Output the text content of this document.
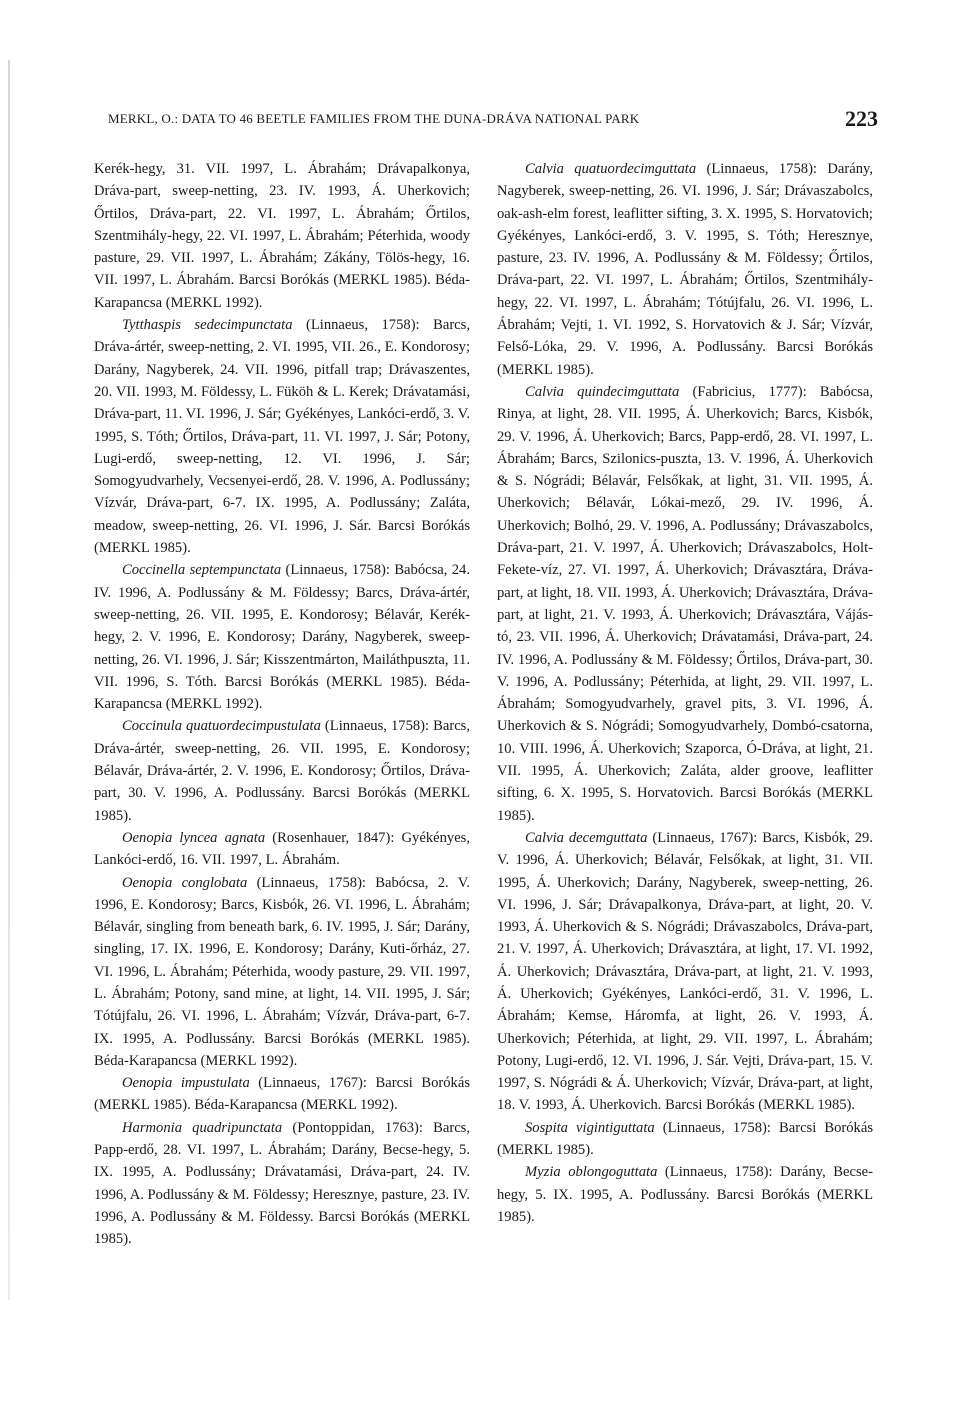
MERKL, O.: DATA TO 46 BEETLE FAMILIES FROM THE DUNA-DRÁVA NATIONAL PARK	223

Kerék-hegy, 31. VII. 1997, L. Ábrahám; Drávapalkonya, Dráva-part, sweep-netting, 23. IV. 1993, Á. Uherkovich; Őrtilos, Dráva-part, 22. VI. 1997, L. Ábrahám; Őrtilos, Szentmihály-hegy, 22. VI. 1997, L. Ábrahám; Péterhida, woody pasture, 29. VII. 1997, L. Ábrahám; Zákány, Tölös-hegy, 16. VII. 1997, L. Ábrahám. Barcsi Borókás (MERKL 1985). Béda-Karapancsa (MERKL 1992).

Tytthaspis sedecimpunctata (Linnaeus, 1758): Barcs, Dráva-ártér, sweep-netting, 2. VI. 1995, VII. 26., E. Kondorosy; Darány, Nagyberek, 24. VII. 1996, pitfall trap; Drávaszentes, 20. VII. 1993, M. Földessy, L. Füköh & L. Kerek; Drávatamási, Dráva-part, 11. VI. 1996, J. Sár; Gyékényes, Lankóci-erdő, 3. V. 1995, S. Tóth; Őrtilos, Dráva-part, 11. VI. 1997, J. Sár; Potony, Lugi-erdő, sweep-netting, 12. VI. 1996, J. Sár; Somogyudvarhely, Vecsenyei-erdő, 28. V. 1996, A. Podlussány; Vízvár, Dráva-part, 6-7. IX. 1995, A. Podlussány; Zaláta, meadow, sweep-netting, 26. VI. 1996, J. Sár. Barcsi Borókás (MERKL 1985).

Coccinella septempunctata (Linnaeus, 1758): Babócsa, 24. IV. 1996, A. Podlussány & M. Földessy; Barcs, Dráva-ártér, sweep-netting, 26. VII. 1995, E. Kondorosy; Bélavár, Kerék-hegy, 2. V. 1996, E. Kondorosy; Darány, Nagyberek, sweep-netting, 26. VI. 1996, J. Sár; Kisszentmárton, Mailáthpuszta, 11. VII. 1996, S. Tóth. Barcsi Borókás (MERKL 1985). Béda-Karapancsa (MERKL 1992).

Coccinula quatuordecimpustulata (Linnaeus, 1758): Barcs, Dráva-ártér, sweep-netting, 26. VII. 1995, E. Kondorosy; Bélavár, Dráva-ártér, 2. V. 1996, E. Kondorosy; Őrtilos, Dráva-part, 30. V. 1996, A. Podlussány. Barcsi Borókás (MERKL 1985).

Oenopia lyncea agnata (Rosenhauer, 1847): Gyékényes, Lankóci-erdő, 16. VII. 1997, L. Ábrahám.

Oenopia conglobata (Linnaeus, 1758): Babócsa, 2. V. 1996, E. Kondorosy; Barcs, Kisbók, 26. VI. 1996, L. Ábrahám; Bélavár, singling from beneath bark, 6. IV. 1995, J. Sár; Darány, singling, 17. IX. 1996, E. Kondorosy; Darány, Kuti-őrház, 27. VI. 1996, L. Ábrahám; Péterhida, woody pasture, 29. VII. 1997, L. Ábrahám; Potony, sand mine, at light, 14. VII. 1995, J. Sár; Tótújfalu, 26. VI. 1996, L. Ábrahám; Vízvár, Dráva-part, 6-7. IX. 1995, A. Podlussány. Barcsi Borókás (MERKL 1985). Béda-Karapancsa (MERKL 1992).

Oenopia impustulata (Linnaeus, 1767): Barcsi Borókás (MERKL 1985). Béda-Karapancsa (MERKL 1992).

Harmonia quadripunctata (Pontoppidan, 1763): Barcs, Papp-erdő, 28. VI. 1997, L. Ábrahám; Darány, Becse-hegy, 5. IX. 1995, A. Podlussány; Drávatamási, Dráva-part, 24. IV. 1996, A. Podlussány & M. Földessy; Heresznye, pasture, 23. IV. 1996, A. Podlussány & M. Földessy. Barcsi Borókás (MERKL 1985).

Calvia quatuordecimguttata (Linnaeus, 1758): Darány, Nagyberek, sweep-netting, 26. VI. 1996, J. Sár; Drávaszabolcs, oak-ash-elm forest, leaflitter sifting, 3. X. 1995, S. Horvatovich; Gyékényes, Lankóci-erdő, 3. V. 1995, S. Tóth; Heresznye, pasture, 23. IV. 1996, A. Podlussány & M. Földessy; Őrtilos, Dráva-part, 22. VI. 1997, L. Ábrahám; Őrtilos, Szentmihály-hegy, 22. VI. 1997, L. Ábrahám; Tótújfalu, 26. VI. 1996, L. Ábrahám; Vejti, 1. VI. 1992, S. Horvatovich & J. Sár; Vízvár, Felső-Lóka, 29. V. 1996, A. Podlussány. Barcsi Borókás (MERKL 1985).

Calvia quindecimguttata (Fabricius, 1777): Babócsa, Rinya, at light, 28. VII. 1995, Á. Uherkovich; Barcs, Kisbók, 29. V. 1996, Á. Uherkovich; Barcs, Papp-erdő, 28. VI. 1997, L. Ábrahám; Barcs, Szilonics-puszta, 13. V. 1996, Á. Uherkovich & S. Nógrádi; Bélavár, Felsőkak, at light, 31. VII. 1995, Á. Uherkovich; Bélavár, Lókai-mező, 29. IV. 1996, Á. Uherkovich; Bolhó, 29. V. 1996, A. Podlussány; Drávaszabolcs, Dráva-part, 21. V. 1997, Á. Uherkovich; Drávaszabolcs, Holt-Fekete-víz, 27. VI. 1997, Á. Uherkovich; Drávasztára, Dráva-part, at light, 18. VII. 1993, Á. Uherkovich; Drávasztára, Dráva-part, at light, 21. V. 1993, Á. Uherkovich; Drávasztára, Vájás-tó, 23. VII. 1996, Á. Uherkovich; Drávatamási, Dráva-part, 24. IV. 1996, A. Podlussány & M. Földessy; Őrtilos, Dráva-part, 30. V. 1996, A. Podlussány; Péterhida, at light, 29. VII. 1997, L. Ábrahám; Somogyudvarhely, gravel pits, 3. VI. 1996, Á. Uherkovich & S. Nógrádi; Somogyudvarhely, Dombó-csatorna, 10. VIII. 1996, Á. Uherkovich; Szaporca, Ó-Dráva, at light, 21. VII. 1995, Á. Uherkovich; Zaláta, alder groove, leaflitter sifting, 6. X. 1995, S. Horvatovich. Barcsi Borókás (MERKL 1985).

Calvia decemguttata (Linnaeus, 1767): Barcs, Kisbók, 29. V. 1996, Á. Uherkovich; Bélavár, Felsőkak, at light, 31. VII. 1995, Á. Uherkovich; Darány, Nagyberek, sweep-netting, 26. VI. 1996, J. Sár; Drávapalkonya, Dráva-part, at light, 20. V. 1993, Á. Uherkovich & S. Nógrádi; Drávaszabolcs, Dráva-part, 21. V. 1997, Á. Uherkovich; Drávasztára, at light, 17. VI. 1992, Á. Uherkovich; Drávasztára, Dráva-part, at light, 21. V. 1993, Á. Uherkovich; Gyékényes, Lankóci-erdő, 31. V. 1996, L. Ábrahám; Kemse, Háromfa, at light, 26. V. 1993, Á. Uherkovich; Péterhida, at light, 29. VII. 1997, L. Ábrahám; Potony, Lugi-erdő, 12. VI. 1996, J. Sár. Vejti, Dráva-part, 15. V. 1997, S. Nógrádi & Á. Uherkovich; Vízvár, Dráva-part, at light, 18. V. 1993, Á. Uherkovich. Barcsi Borókás (MERKL 1985).

Sospita vigintiguttata (Linnaeus, 1758): Barcsi Borókás (MERKL 1985).

Myzia oblongoguttata (Linnaeus, 1758): Darány, Becse-hegy, 5. IX. 1995, A. Podlussány. Barcsi Borókás (MERKL 1985).
